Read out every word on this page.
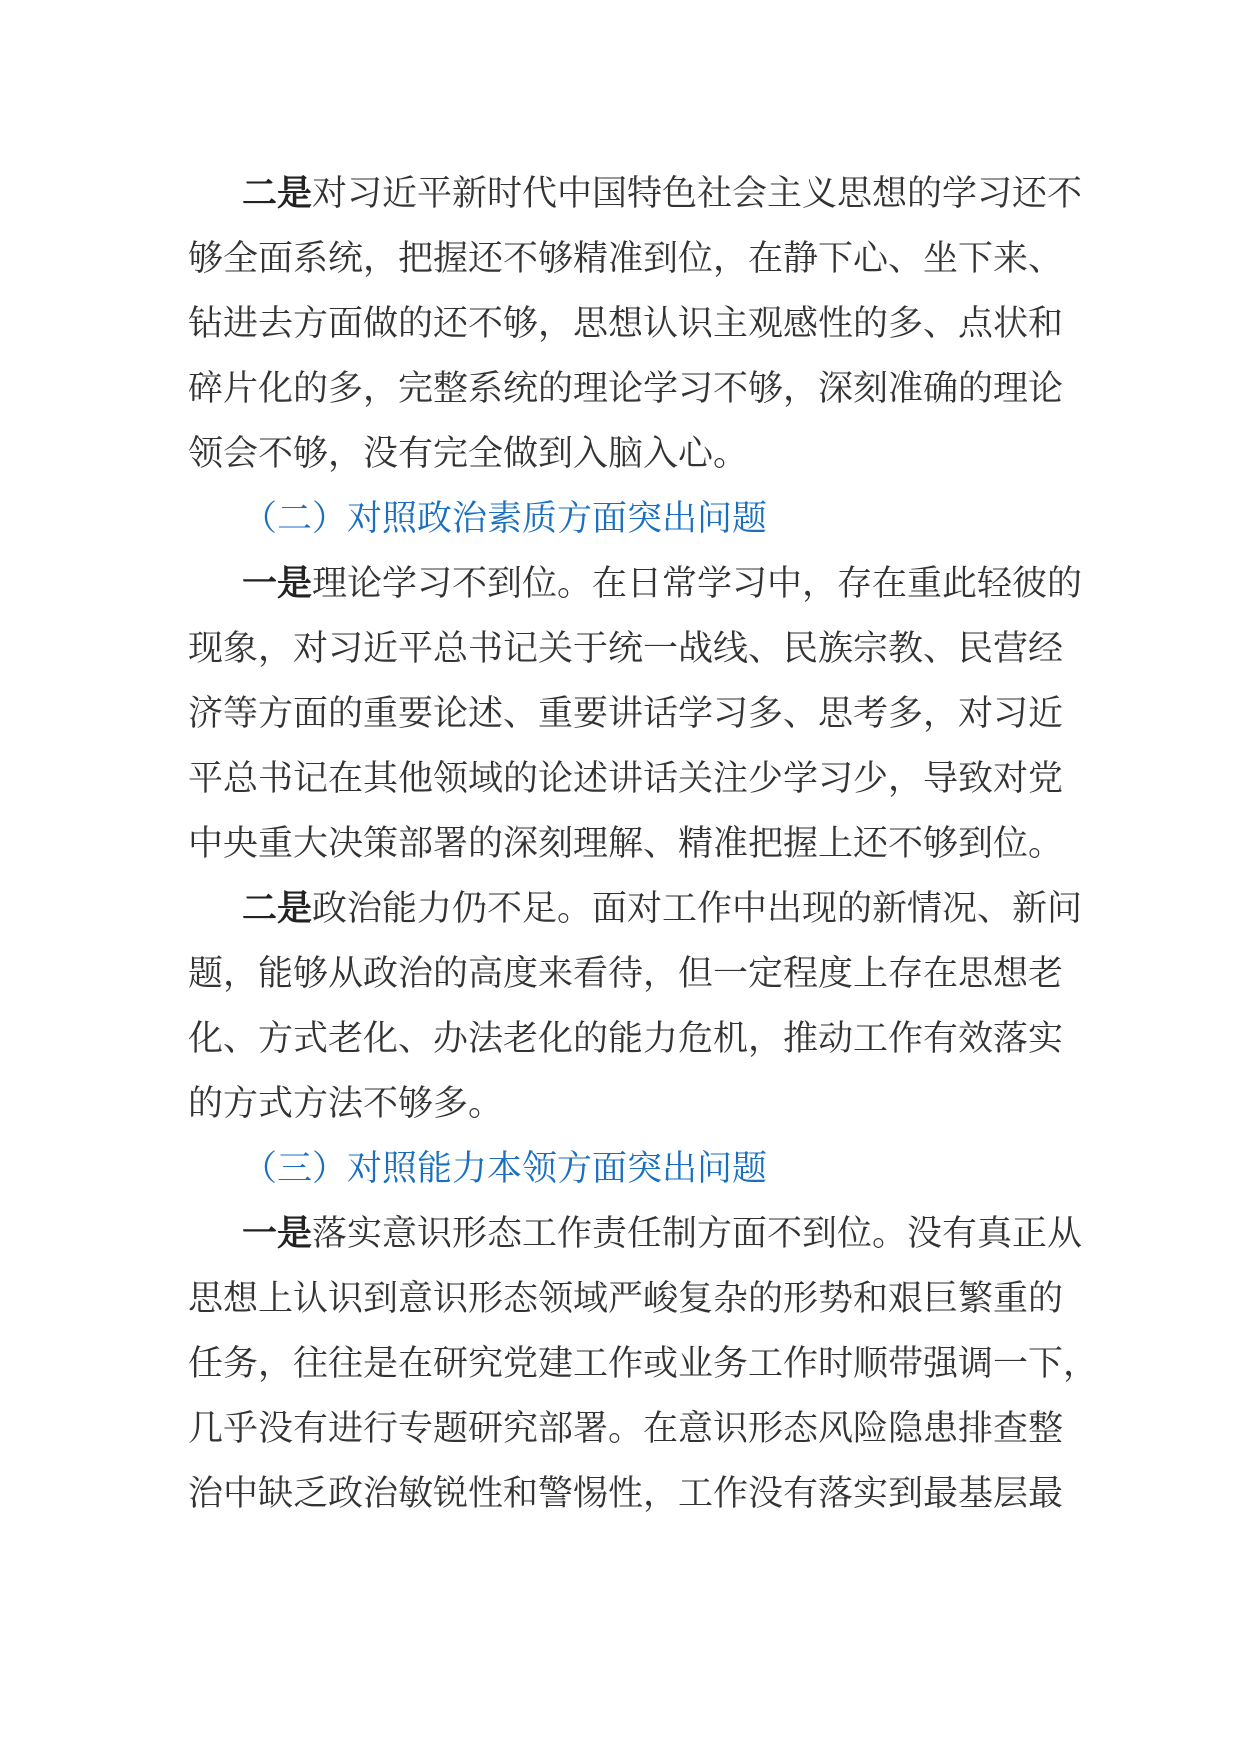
二是对习近平新时代中国特色社会主义思想的学习还不
够全面系统，把握还不够精准到位，在静下心、坐下来、
钻进去方面做的还不够，思想认识主观感性的多、点状和
碎片化的多，完整系统的理论学习不够，深刻准确的理论
领会不够，没有完全做到入脑入心。
（二）对照政治素质方面突出问题
一是理论学习不到位。在日常学习中，存在重此轻彼的
现象，对习近平总书记关于统一战线、民族宗教、民营经
济等方面的重要论述、重要讲话学习多、思考多，对习近
平总书记在其他领域的论述讲话关注少学习少，导致对党
中央重大决策部署的深刻理解、精准把握上还不够到位。
二是政治能力仍不足。面对工作中出现的新情况、新问
题，能够从政治的高度来看待，但一定程度上存在思想老
化、方式老化、办法老化的能力危机，推动工作有效落实
的方式方法不够多。
（三）对照能力本领方面突出问题
一是落实意识形态工作责任制方面不到位。没有真正从
思想上认识到意识形态领域严峻复杂的形势和艰巨繁重的
任务，往往是在研究党建工作或业务工作时顺带强调一下，
几乎没有进行专题研究部署。在意识形态风险隐患排查整
治中缺乏政治敏锐性和警惕性，工作没有落实到最基层最
